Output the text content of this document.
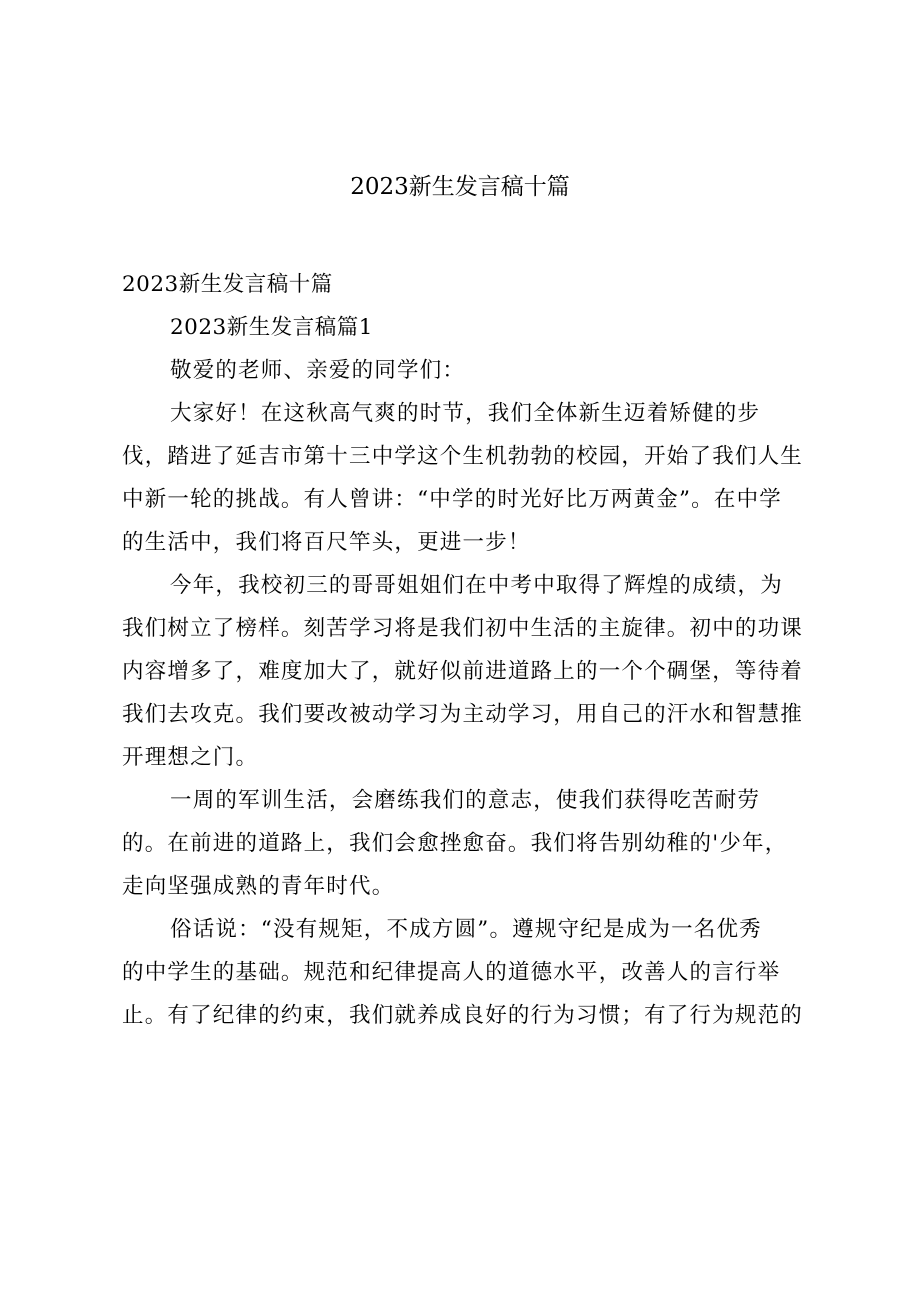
2023新生发言稿十篇
2023新生发言稿十篇
2023新生发言稿篇1
敬爱的老师、亲爱的同学们：
大家好！在这秋高气爽的时节，我们全体新生迈着矫健的步
伐，踏进了延吉市第十三中学这个生机勃勃的校园，开始了我们人生
中新一轮的挑战。有人曾讲：“中学的时光好比万两黄金”。在中学
的生活中，我们将百尺竿头，更进一步！
今年，我校初三的哥哥姐姐们在中考中取得了辉煌的成绩，为
我们树立了榜样。刻苦学习将是我们初中生活的主旋律。初中的功课
内容增多了，难度加大了，就好似前进道路上的一个个碉堡，等待着
我们去攻克。我们要改被动学习为主动学习，用自己的汗水和智慧推
开理想之门。
一周的军训生活，会磨练我们的意志，使我们获得吃苦耐劳
的。在前进的道路上，我们会愈挫愈奋。我们将告别幼稚的'少年，
走向坚强成熟的青年时代。
俗话说：“没有规矩，不成方圆”。遵规守纪是成为一名优秀
的中学生的基础。规范和纪律提高人的道德水平，改善人的言行举
止。有了纪律的约束，我们就养成良好的行为习惯；有了行为规范的
